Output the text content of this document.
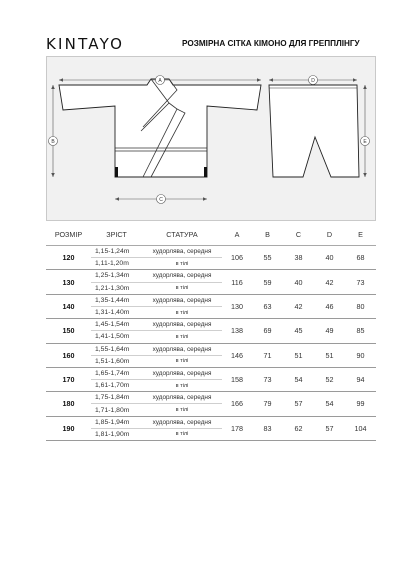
KINTAYO	РОЗМІРНА СІТКА КІМОНО ДЛЯ ГРЕППЛІНГУ
A
B
C
D
E
РОЗМІР	ЗРІСТ	СТАТУРА	A	B	C	D	E
120	1,15-1,24m	худорлява, середня	106	55	38	40	68
	1,11-1,20m	в тілі					
130	1,25-1,34m	худорлява, середня	116	59	40	42	73
	1,21-1,30m	в тілі					
140	1,35-1,44m	худорлява, середня	130	63	42	46	80
	1,31-1,40m	в тілі					
150	1,45-1,54m	худорлява, середня	138	69	45	49	85
	1,41-1,50m	в тілі					
160	1,55-1,64m	худорлява, середня	146	71	51	51	90
	1,51-1,60m	в тілі					
170	1,65-1,74m	худорлява, середня	158	73	54	52	94
	1,61-1,70m	в тілі					
180	1,75-1,84m	худорлява, середня	166	79	57	54	99
	1,71-1,80m	в тілі					
190	1,85-1,94m	худорлява, середня	178	83	62	57	104
	1,81-1,90m	в тілі					
